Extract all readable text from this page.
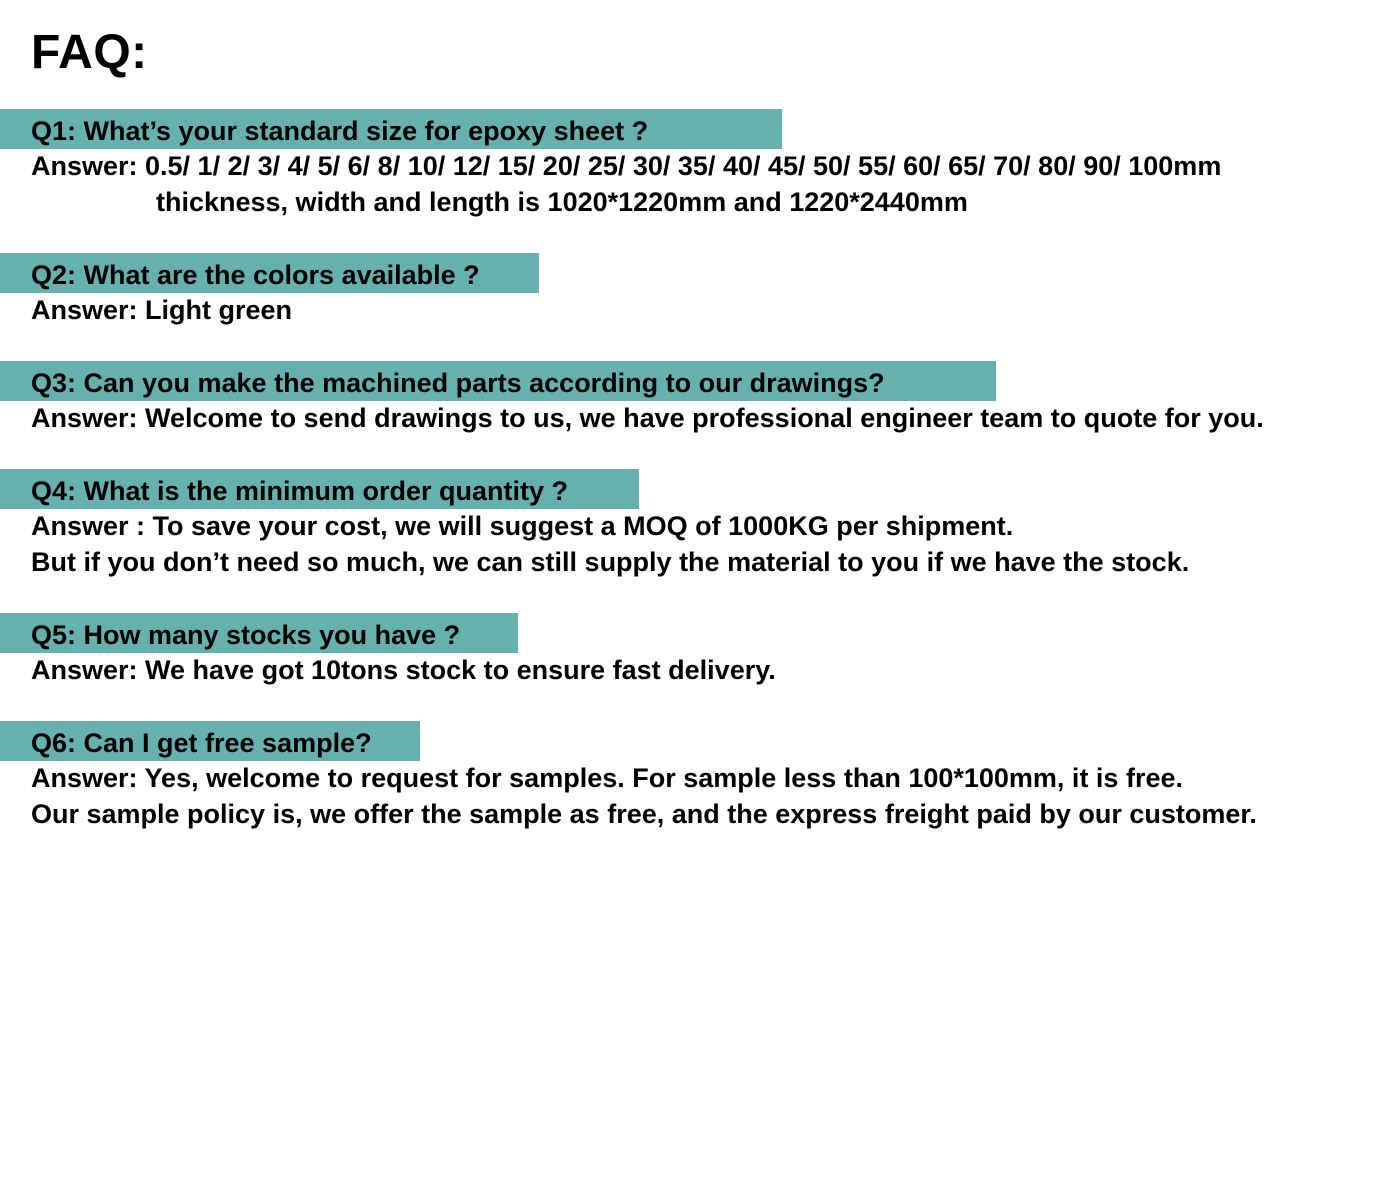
FAQ:
Q1: What’s your standard size for epoxy sheet ?
Answer: 0.5/ 1/ 2/ 3/ 4/ 5/ 6/ 8/ 10/ 12/ 15/ 20/ 25/ 30/ 35/ 40/ 45/ 50/ 55/ 60/ 65/ 70/ 80/ 90/ 100mm
thickness, width and length is 1020*1220mm and 1220*2440mm
Q2: What are the colors available ?
Answer: Light green
Q3: Can you make the machined parts according to our drawings?
Answer: Welcome to send drawings to us, we have professional engineer team to quote for you.
Q4: What is the minimum order quantity ?
Answer : To save your cost, we will suggest a MOQ of 1000KG per shipment.
But if you don’t need so much, we can still supply the material to you if we have the stock.
Q5: How many stocks you have ?
Answer: We have got 10tons stock to ensure fast delivery.
Q6: Can I get free sample?
Answer: Yes, welcome to request for samples. For sample less than 100*100mm, it is free.
Our sample policy is, we offer the sample as free, and the express freight paid by our customer.
